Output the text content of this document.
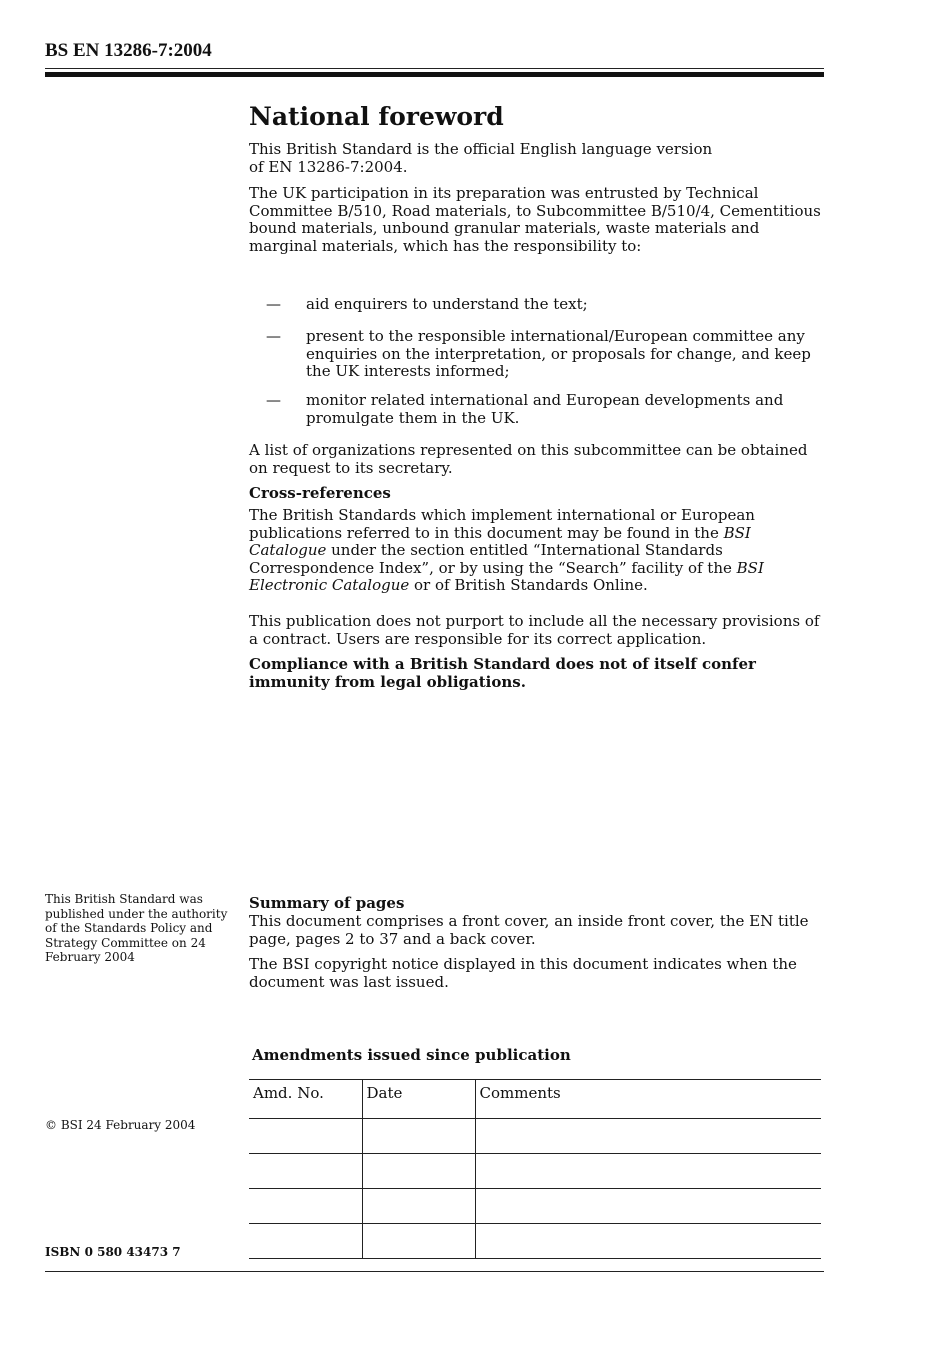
BS EN 13286-7:2004
National foreword

This British Standard is the official English language version of EN 13286-7:2004.

The UK participation in its preparation was entrusted by Technical Committee B/510, Road materials, to Subcommittee B/510/4, Cementitious bound materials, unbound granular materials, waste materials and marginal materials, which has the responsibility to:

— aid enquirers to understand the text;
— present to the responsible international/European committee any enquiries on the interpretation, or proposals for change, and keep the UK interests informed;
— monitor related international and European developments and promulgate them in the UK.

A list of organizations represented on this subcommittee can be obtained on request to its secretary.

Cross-references

The British Standards which implement international or European publications referred to in this document may be found in the BSI Catalogue under the section entitled “International Standards Correspondence Index”, or by using the “Search” facility of the BSI Electronic Catalogue or of British Standards Online.

This publication does not purport to include all the necessary provisions of a contract. Users are responsible for its correct application.

Compliance with a British Standard does not of itself confer immunity from legal obligations.

This British Standard was published under the authority of the Standards Policy and Strategy Committee on 24 February 2004
© BSI 24 February 2004
ISBN 0 580 43473 7
Summary of pages

This document comprises a front cover, an inside front cover, the EN title page, pages 2 to 37 and a back cover.

The BSI copyright notice displayed in this document indicates when the document was last issued.

Amendments issued since publication
Amd. No.	Date	Comments
